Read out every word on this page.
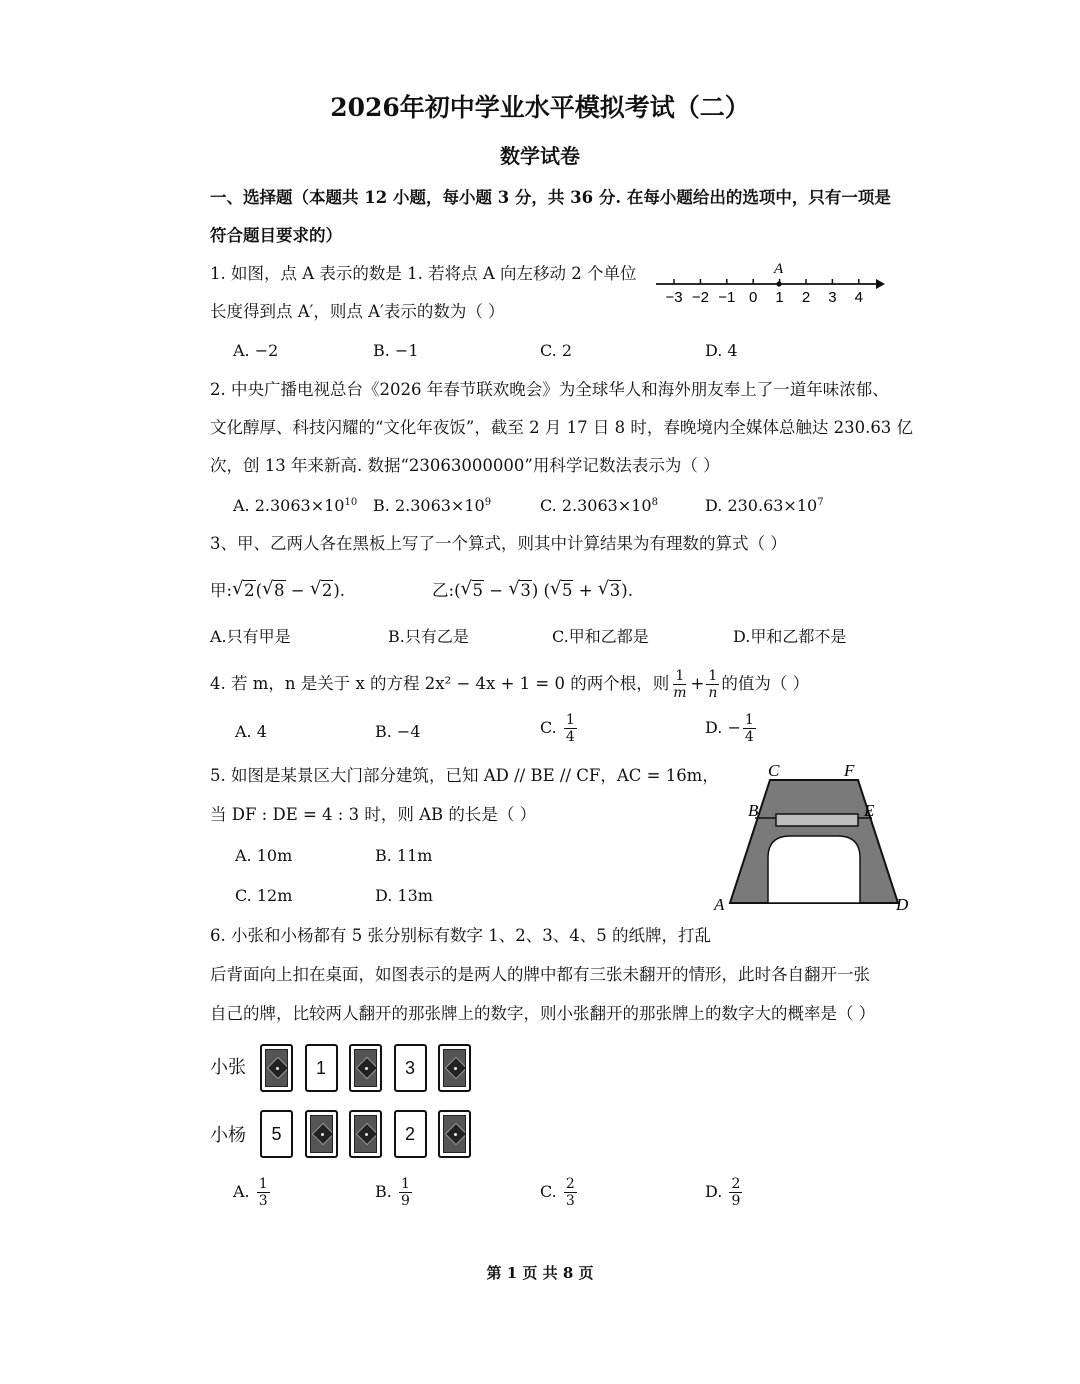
2026年初中学业水平模拟考试（二）
数学试卷
一、选择题（本题共 12 小题，每小题 3 分，共 36 分. 在每小题给出的选项中，只有一项是
符合题目要求的）
1. 如图，点 A 表示的数是 1. 若将点 A 向左移动 2 个单位
长度得到点 A′，则点 A′表示的数为（ ）
−3 −2 −1 0 1 2 3 4
A
A. −2	B. −1	C. 2	D. 4
2. 中央广播电视总台《2026 年春节联欢晚会》为全球华人和海外朋友奉上了一道年味浓郁、
文化醇厚、科技闪耀的“文化年夜饭”，截至 2 月 17 日 8 时，春晚境内全媒体总触达 230.63 亿
次，创 13 年来新高. 数据“23063000000”用科学记数法表示为（ ）
A. $2.3063\times 10^{10}$ B. $2.3063\times 10^9$	C. $2.3063\times 10^8$	D. $230.63\times 10^7$
3、甲、乙两人各在黑板上写了一个算式，则其中计算结果为有理数的算式（ ）
甲: √ 2( √ 8 − √ 2).	乙:( √ 5 − √ 3) ( √ 5 + √ 3).
A.只有甲是	B.只有乙是	C.甲和乙都是	D.甲和乙都不是
4. 若 m，n 是关于 x 的方程 2x² − 4x + 1 = 0 的两个根，则 $\frac{1}{m} + \frac{1}{n}$ 的值为（ ）
A. 4	B. −4	C. $\frac{1}{4}$	D. − $\frac{1}{4}$
5. 如图是某景区大门部分建筑，已知 AD // BE // CF，AC = 16m，
当 DF : DE = 4 : 3 时，则 AB 的长是（ ）
A. 10m	B. 11m
C. 12m	D. 13m
C	F
B	E
A	D
6. 小张和小杨都有 5 张分别标有数字 1、2、3、4、5 的纸牌，打乱
后背面向上扣在桌面，如图表示的是两人的牌中都有三张未翻开的情形，此时各自翻开一张
自己的牌，比较两人翻开的那张牌上的数字，则小张翻开的那张牌上的数字大的概率是（ ）
小张
小杨
1	3
5	2
A. $\frac{1}{3}$	B. $\frac{1}{9}$	C. $\frac{2}{3}$	D. $\frac{2}{9}$
第 1 页 共 8 页
